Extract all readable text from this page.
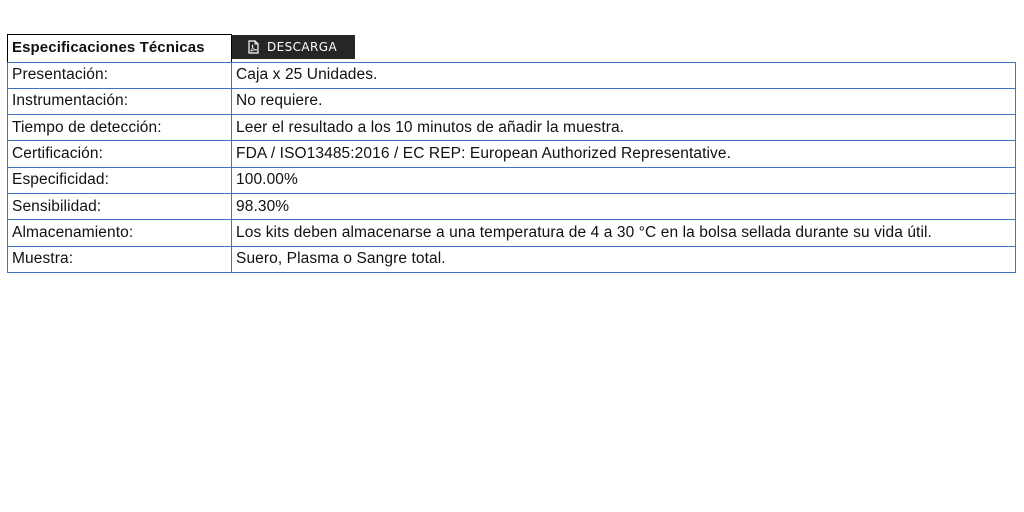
Especificaciones Técnicas	DESCARGA

Presentación:	Caja x 25 Unidades.
Instrumentación:	No requiere.
Tiempo de detección:	Leer el resultado a los 10 minutos de añadir la muestra.
Certificación:	FDA / ISO13485:2016 / EC REP: European Authorized Representative.
Especificidad:	100.00%
Sensibilidad:	98.30%
Almacenamiento:	Los kits deben almacenarse a una temperatura de 4 a 30 °C en la bolsa sellada durante su vida útil.
Muestra:	Suero, Plasma o Sangre total.
